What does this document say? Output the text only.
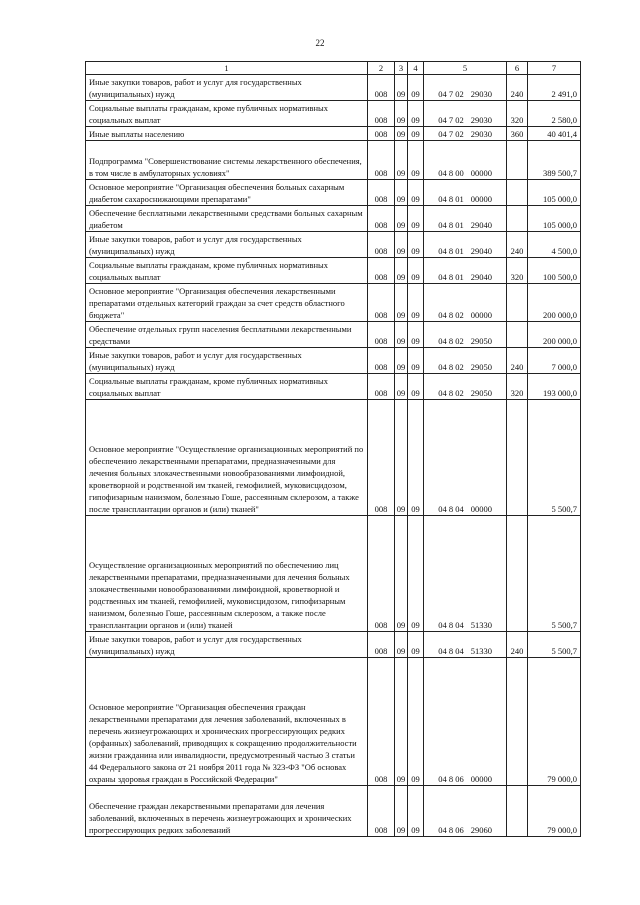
22
1	2	3	4	5	6	7
Иные закупки товаров, работ и услуг для государственных (муниципальных) нужд	008	09	09	04 7 02 29030	240	2 491,0
Социальные выплаты гражданам, кроме публичных нормативных социальных выплат	008	09	09	04 7 02 29030	320	2 580,0
Иные выплаты населению	008	09	09	04 7 02 29030	360	40 401,4
Подпрограмма "Совершенствование системы лекарственного обеспечения, в том числе в амбулаторных условиях"	008	09	09	04 8 00 00000		389 500,7
Основное мероприятие "Организация обеспечения больных сахарным диабетом сахароснижающими препаратами"	008	09	09	04 8 01 00000		105 000,0
Обеспечение бесплатными лекарственными средствами больных сахарным диабетом	008	09	09	04 8 01 29040		105 000,0
Иные закупки товаров, работ и услуг для государственных (муниципальных) нужд	008	09	09	04 8 01 29040	240	4 500,0
Социальные выплаты гражданам, кроме публичных нормативных социальных выплат	008	09	09	04 8 01 29040	320	100 500,0
Основное мероприятие "Организация обеспечения лекарственными препаратами отдельных категорий граждан за счет средств областного бюджета"	008	09	09	04 8 02 00000		200 000,0
Обеспечение отдельных групп населения бесплатными лекарственными средствами	008	09	09	04 8 02 29050		200 000,0
Иные закупки товаров, работ и услуг для государственных (муниципальных) нужд	008	09	09	04 8 02 29050	240	7 000,0
Социальные выплаты гражданам, кроме публичных нормативных социальных выплат	008	09	09	04 8 02 29050	320	193 000,0
Основное мероприятие "Осуществление организационных мероприятий по обеспечению лекарственными препаратами, предназначенными для лечения больных злокачественными новообразованиями лимфоидной, кроветворной и родственной им тканей, гемофилией, муковисцидозом, гипофизарным нанизмом, болезнью Гоше, рассеянным склерозом, а также после трансплантации органов и (или) тканей"	008	09	09	04 8 04 00000		5 500,7
Осуществление организационных мероприятий по обеспечению лиц лекарственными препаратами, предназначенными для лечения больных злокачественными новообразованиями лимфоидной, кроветворной и родственных им тканей, гемофилией, муковисцидозом, гипофизарным нанизмом, болезнью Гоше, рассеянным склерозом, а также после трансплантации органов и (или) тканей	008	09	09	04 8 04 51330		5 500,7
Иные закупки товаров, работ и услуг для государственных (муниципальных) нужд	008	09	09	04 8 04 51330	240	5 500,7
Основное мероприятие "Организация обеспечения граждан лекарственными препаратами для лечения заболеваний, включенных в перечень жизнеугрожающих и хронических прогрессирующих редких (орфанных) заболеваний, приводящих к сокращению продолжительности жизни гражданина или инвалидности, предусмотренный частью 3 статьи 44 Федерального закона от 21 ноября 2011 года № 323-ФЗ "Об основах охраны здоровья граждан в Российской Федерации"	008	09	09	04 8 06 00000		79 000,0
Обеспечение граждан лекарственными препаратами для лечения заболеваний, включенных в перечень жизнеугрожающих и хронических прогрессирующих редких заболеваний	008	09	09	04 8 06 29060		79 000,0
